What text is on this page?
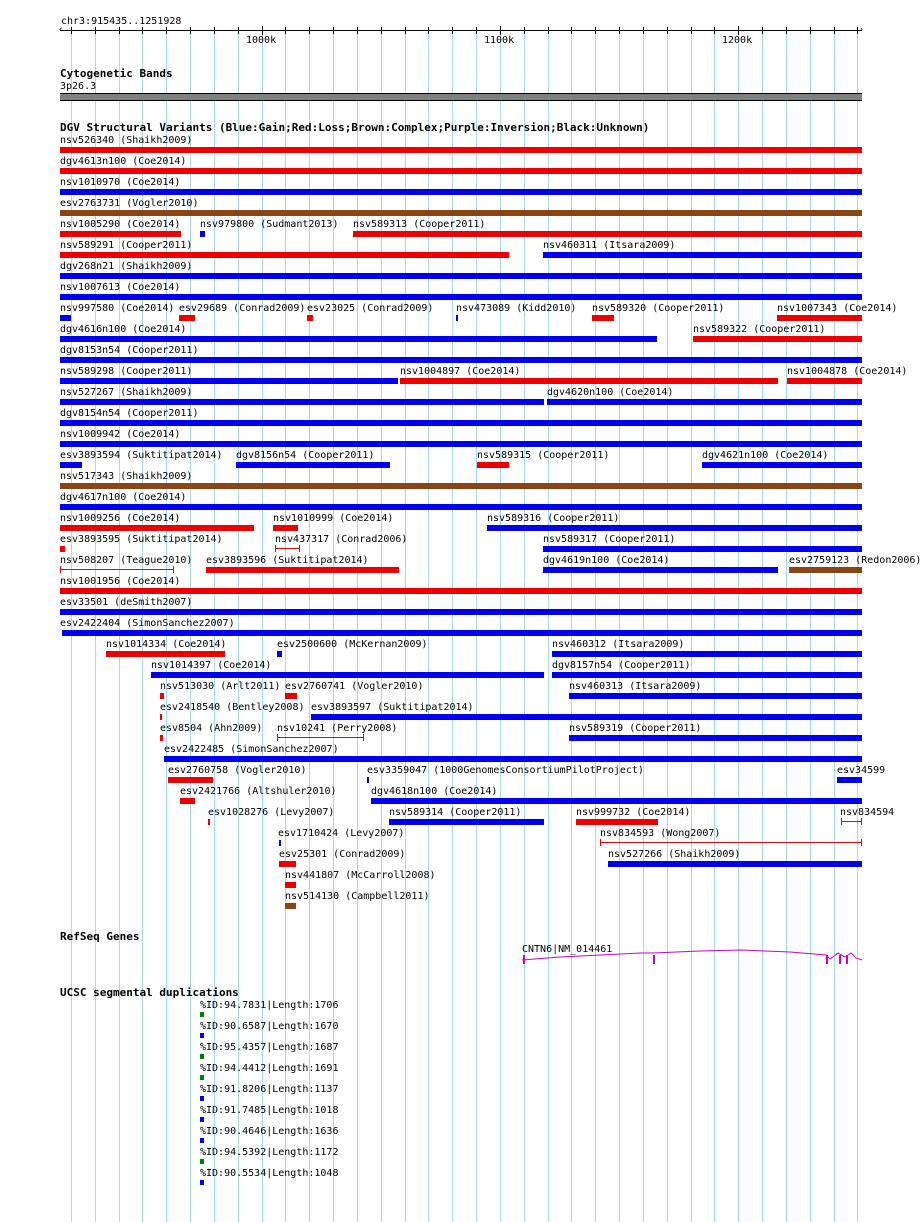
chr3:915435..1251928
1000k	1100k	1200k
‹	›
Cytogenetic Bands
3p26.3
DGV Structural Variants (Blue:Gain;Red:Loss;Brown:Complex;Purple:Inversion;Black:Unknown)
nsv526340 (Shaikh2009)
dgv4613n100 (Coe2014)
nsv1010970 (Coe2014)
esv2763731 (Vogler2010)
nsv1005290 (Coe2014) nsv979800 (Sudmant2013) nsv589313 (Cooper2011)
nsv589291 (Cooper2011)	nsv460311 (Itsara2009)
dgv268n21 (Shaikh2009)
nsv1007613 (Coe2014)
nsv997580 (Coe2014) esv29689 (Conrad2009) esv23025 (Conrad2009) nsv473089 (Kidd2010) nsv589320 (Cooper2011)	nsv1007343 (Coe2014)
dgv4616n100 (Coe2014)	nsv589322 (Cooper2011)
dgv8153n54 (Cooper2011)
nsv589298 (Cooper2011)	nsv1004897 (Coe2014)	nsv1004878 (Coe2014)
nsv527267 (Shaikh2009)	dgv4620n100 (Coe2014)
dgv8154n54 (Cooper2011)
nsv1009942 (Coe2014)
esv3893594 (Suktitipat2014) dgv8156n54 (Cooper2011)	nsv589315 (Cooper2011)	dgv4621n100 (Coe2014)
nsv517343 (Shaikh2009)
dgv4617n100 (Coe2014)
nsv1009256 (Coe2014)	nsv1010999 (Coe2014)	nsv589316 (Cooper2011)
esv3893595 (Suktitipat2014)	nsv437317 (Conrad2006)	nsv589317 (Cooper2011)
nsv508207 (Teague2010) esv3893596 (Suktitipat2014)	dgv4619n100 (Coe2014)	esv2759123 (Redon2006)
nsv1001956 (Coe2014)
esv33501 (deSmith2007)
esv2422404 (SimonSanchez2007)
nsv1014334 (Coe2014)	esv2500600 (McKernan2009)	nsv460312 (Itsara2009)
nsv1014397 (Coe2014)	dgv8157n54 (Cooper2011)
nsv513030 (Arlt2011) esv2760741 (Vogler2010)	nsv460313 (Itsara2009)
esv2418540 (Bentley2008) esv3893597 (Suktitipat2014)
esv8504 (Ahn2009) nsv10241 (Perry2008)	nsv589319 (Cooper2011)
esv2422485 (SimonSanchez2007)
esv2760758 (Vogler2010)	esv3359047 (1000GenomesConsortiumPilotProject)	esv34599
esv2421766 (Altshuler2010)	dgv4618n100 (Coe2014)
esv1028276 (Levy2007)	nsv589314 (Cooper2011)	nsv999732 (Coe2014)	nsv834594
esv1710424 (Levy2007)	nsv834593 (Wong2007)
esv25301 (Conrad2009)	nsv527266 (Shaikh2009)
nsv441807 (McCarroll2008)
nsv514130 (Campbell2011)
RefSeq Genes
CNTN6|NM_014461
UCSC segmental duplications
%ID:94.7831|Length:1706
%ID:90.6587|Length:1670
%ID:95.4357|Length:1687
%ID:94.4412|Length:1691
%ID:91.8206|Length:1137
%ID:91.7485|Length:1018
%ID:90.4646|Length:1636
%ID:94.5392|Length:1172
%ID:90.5534|Length:1048
